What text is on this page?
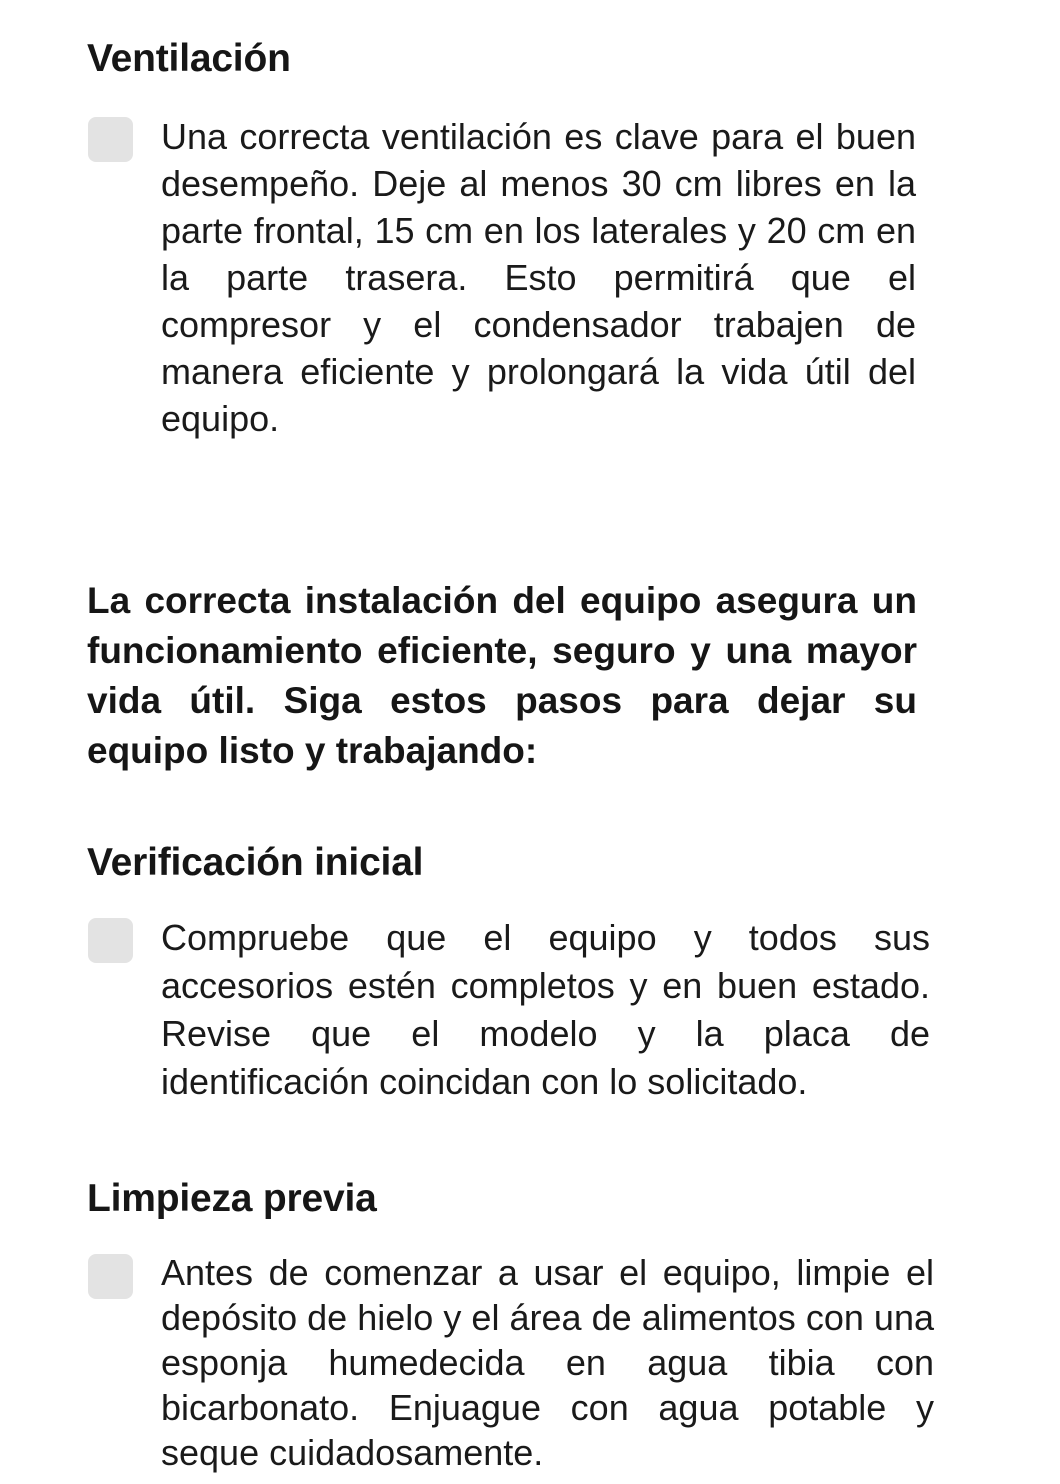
Ventilación

Una correcta ventilación es clave para el buen desempeño. Deje al menos 30 cm libres en la parte frontal, 15 cm en los laterales y 20 cm en la parte trasera. Esto permitirá que el compresor y el condensador trabajen de manera eficiente y prolongará la vida útil del equipo.

La correcta instalación del equipo asegura un funcionamiento eficiente, seguro y una mayor vida útil. Siga estos pasos para dejar su equipo listo y trabajando:

Verificación inicial

Compruebe que el equipo y todos sus accesorios estén completos y en buen estado. Revise que el modelo y la placa de identificación coincidan con lo solicitado.

Limpieza previa

Antes de comenzar a usar el equipo, limpie el depósito de hielo y el área de alimentos con una esponja humedecida en agua tibia con bicarbonato. Enjuague con agua potable y seque cuidadosamente.
